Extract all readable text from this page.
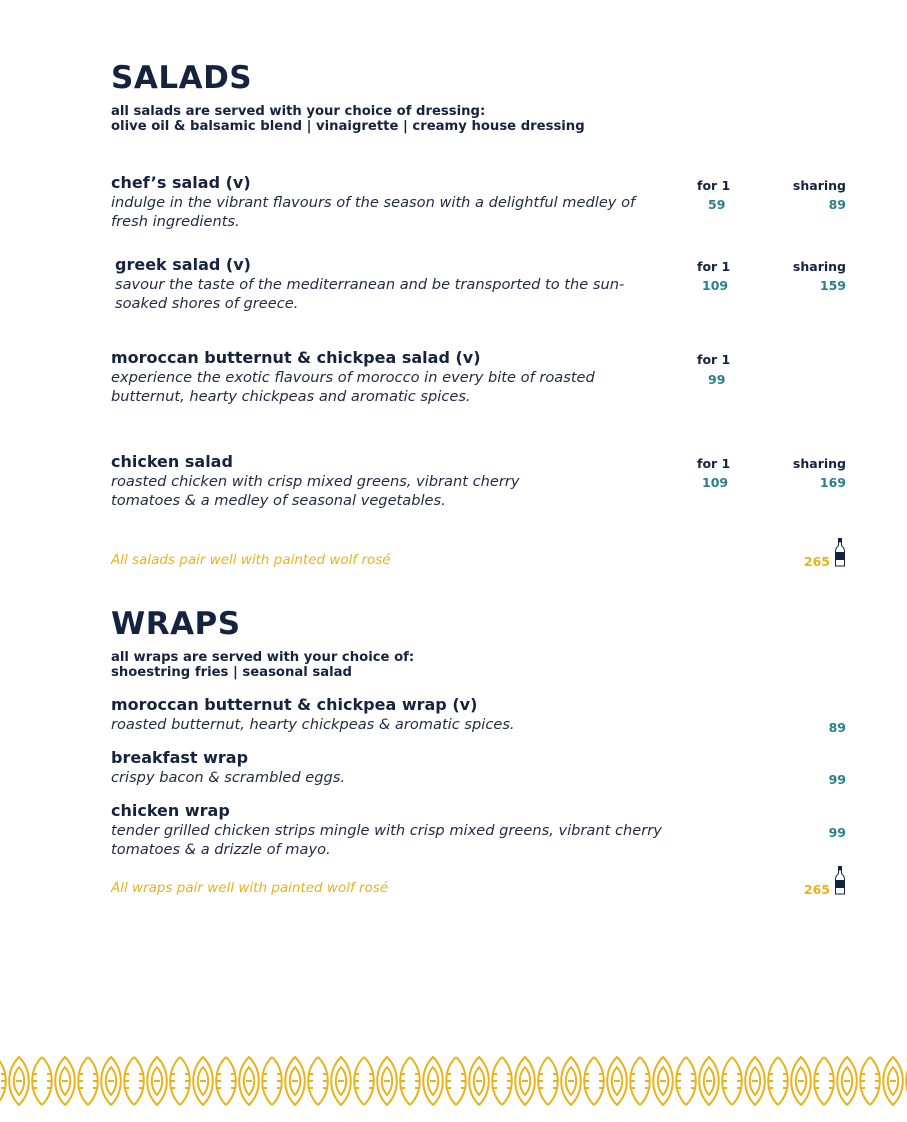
SALADS
all salads are served with your choice of dressing:
olive oil & balsamic blend | vinaigrette | creamy house dressing
chef’s salad (v)
indulge in the vibrant flavours of the season with a delightful medley of fresh ingredients.
for 1
59
sharing
89
greek salad (v)
savour the taste of the mediterranean and be transported to the sun-soaked shores of greece.
for 1
109
sharing
159
moroccan butternut & chickpea salad (v)
experience the exotic flavours of morocco in every bite of roasted butternut, hearty chickpeas and aromatic spices.
for 1
99
chicken salad
roasted chicken with crisp mixed greens, vibrant cherry tomatoes & a medley of seasonal vegetables.
for 1
109
sharing
169
All salads pair well with painted wolf rosé	265
WRAPS
all wraps are served with your choice of:
shoestring fries | seasonal salad
moroccan butternut & chickpea wrap (v)
roasted butternut, hearty chickpeas & aromatic spices.	89
breakfast wrap
crispy bacon & scrambled eggs.	99
chicken wrap
tender grilled chicken strips mingle with crisp mixed greens, vibrant cherry tomatoes & a drizzle of mayo.
99
All wraps pair well with painted wolf rosé	265
